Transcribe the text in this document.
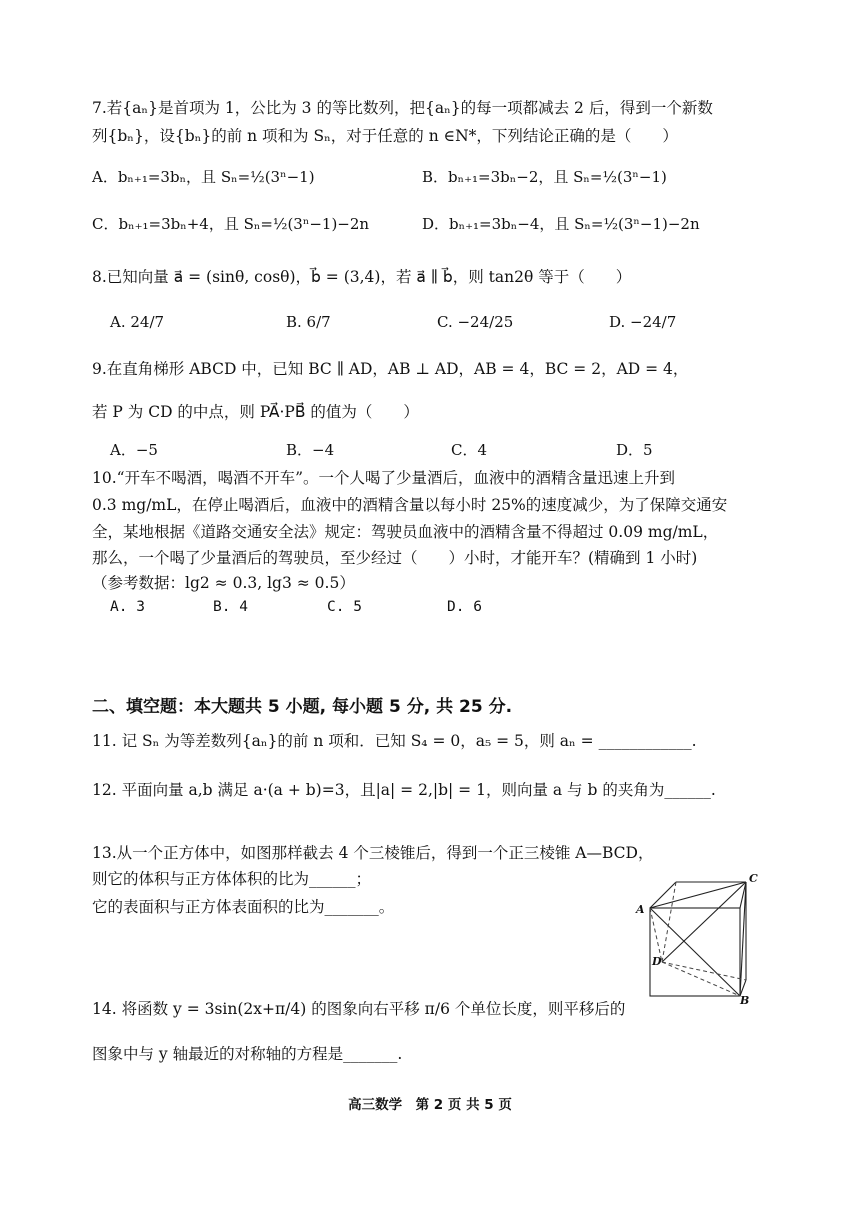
7.若{aₙ}是首项为 1，公比为 3 的等比数列，把{aₙ}的每一项都减去 2 后，得到一个新数
列{bₙ}，设{bₙ}的前 n 项和为 Sₙ，对于任意的 n ∈N*，下列结论正确的是（　　）
A．bₙ₊₁=3bₙ，且 Sₙ=½(3ⁿ−1)	B．bₙ₊₁=3bₙ−2，且 Sₙ=½(3ⁿ−1)
C．bₙ₊₁=3bₙ+4，且 Sₙ=½(3ⁿ−1)−2n	D．bₙ₊₁=3bₙ−4，且 Sₙ=½(3ⁿ−1)−2n
8.已知向量 a⃗ = (sinθ, cosθ)，b⃗ = (3,4)，若 a⃗ ∥ b⃗，则 tan2θ 等于（　　）
A. 24/7	B. 6/7	C. −24/25	D. −24/7
9.在直角梯形 ABCD 中，已知 BC ∥ AD，AB ⊥ AD，AB = 4，BC = 2，AD = 4，
若 P 为 CD 的中点，则 PA⃗·PB⃗ 的值为（　　）
A．−5	B．−4	C．4	D．5
10.“开车不喝酒，喝酒不开车”。一个人喝了少量酒后，血液中的酒精含量迅速上升到
0.3 mg/mL，在停止喝酒后，血液中的酒精含量以每小时 25%的速度减少，为了保障交通安
全，某地根据《道路交通安全法》规定：驾驶员血液中的酒精含量不得超过 0.09 mg/mL，
那么，一个喝了少量酒后的驾驶员，至少经过（　　）小时，才能开车？(精确到 1 小时)
（参考数据：lg2 ≈ 0.3, lg3 ≈ 0.5）
A. 3	B. 4	C. 5	D. 6
二、填空题：本大题共 5 小题, 每小题 5 分, 共 25 分.
11. 记 Sₙ 为等差数列{aₙ}的前 n 项和．已知 S₄ = 0，a₅ = 5，则 aₙ = ____________.
12. 平面向量 a,b 满足 a·(a + b)=3，且|a| = 2,|b| = 1，则向量 a 与 b 的夹角为______.
13.从一个正方体中，如图那样截去 4 个三棱锥后，得到一个正三棱锥 A—BCD，
则它的体积与正方体体积的比为______；
它的表面积与正方体表面积的比为_______。	A
C
D
B
14. 将函数 y = 3sin(2x+π/4) 的图象向右平移 π/6 个单位长度，则平移后的
图象中与 y 轴最近的对称轴的方程是_______.
高三数学　第 2 页 共 5 页
